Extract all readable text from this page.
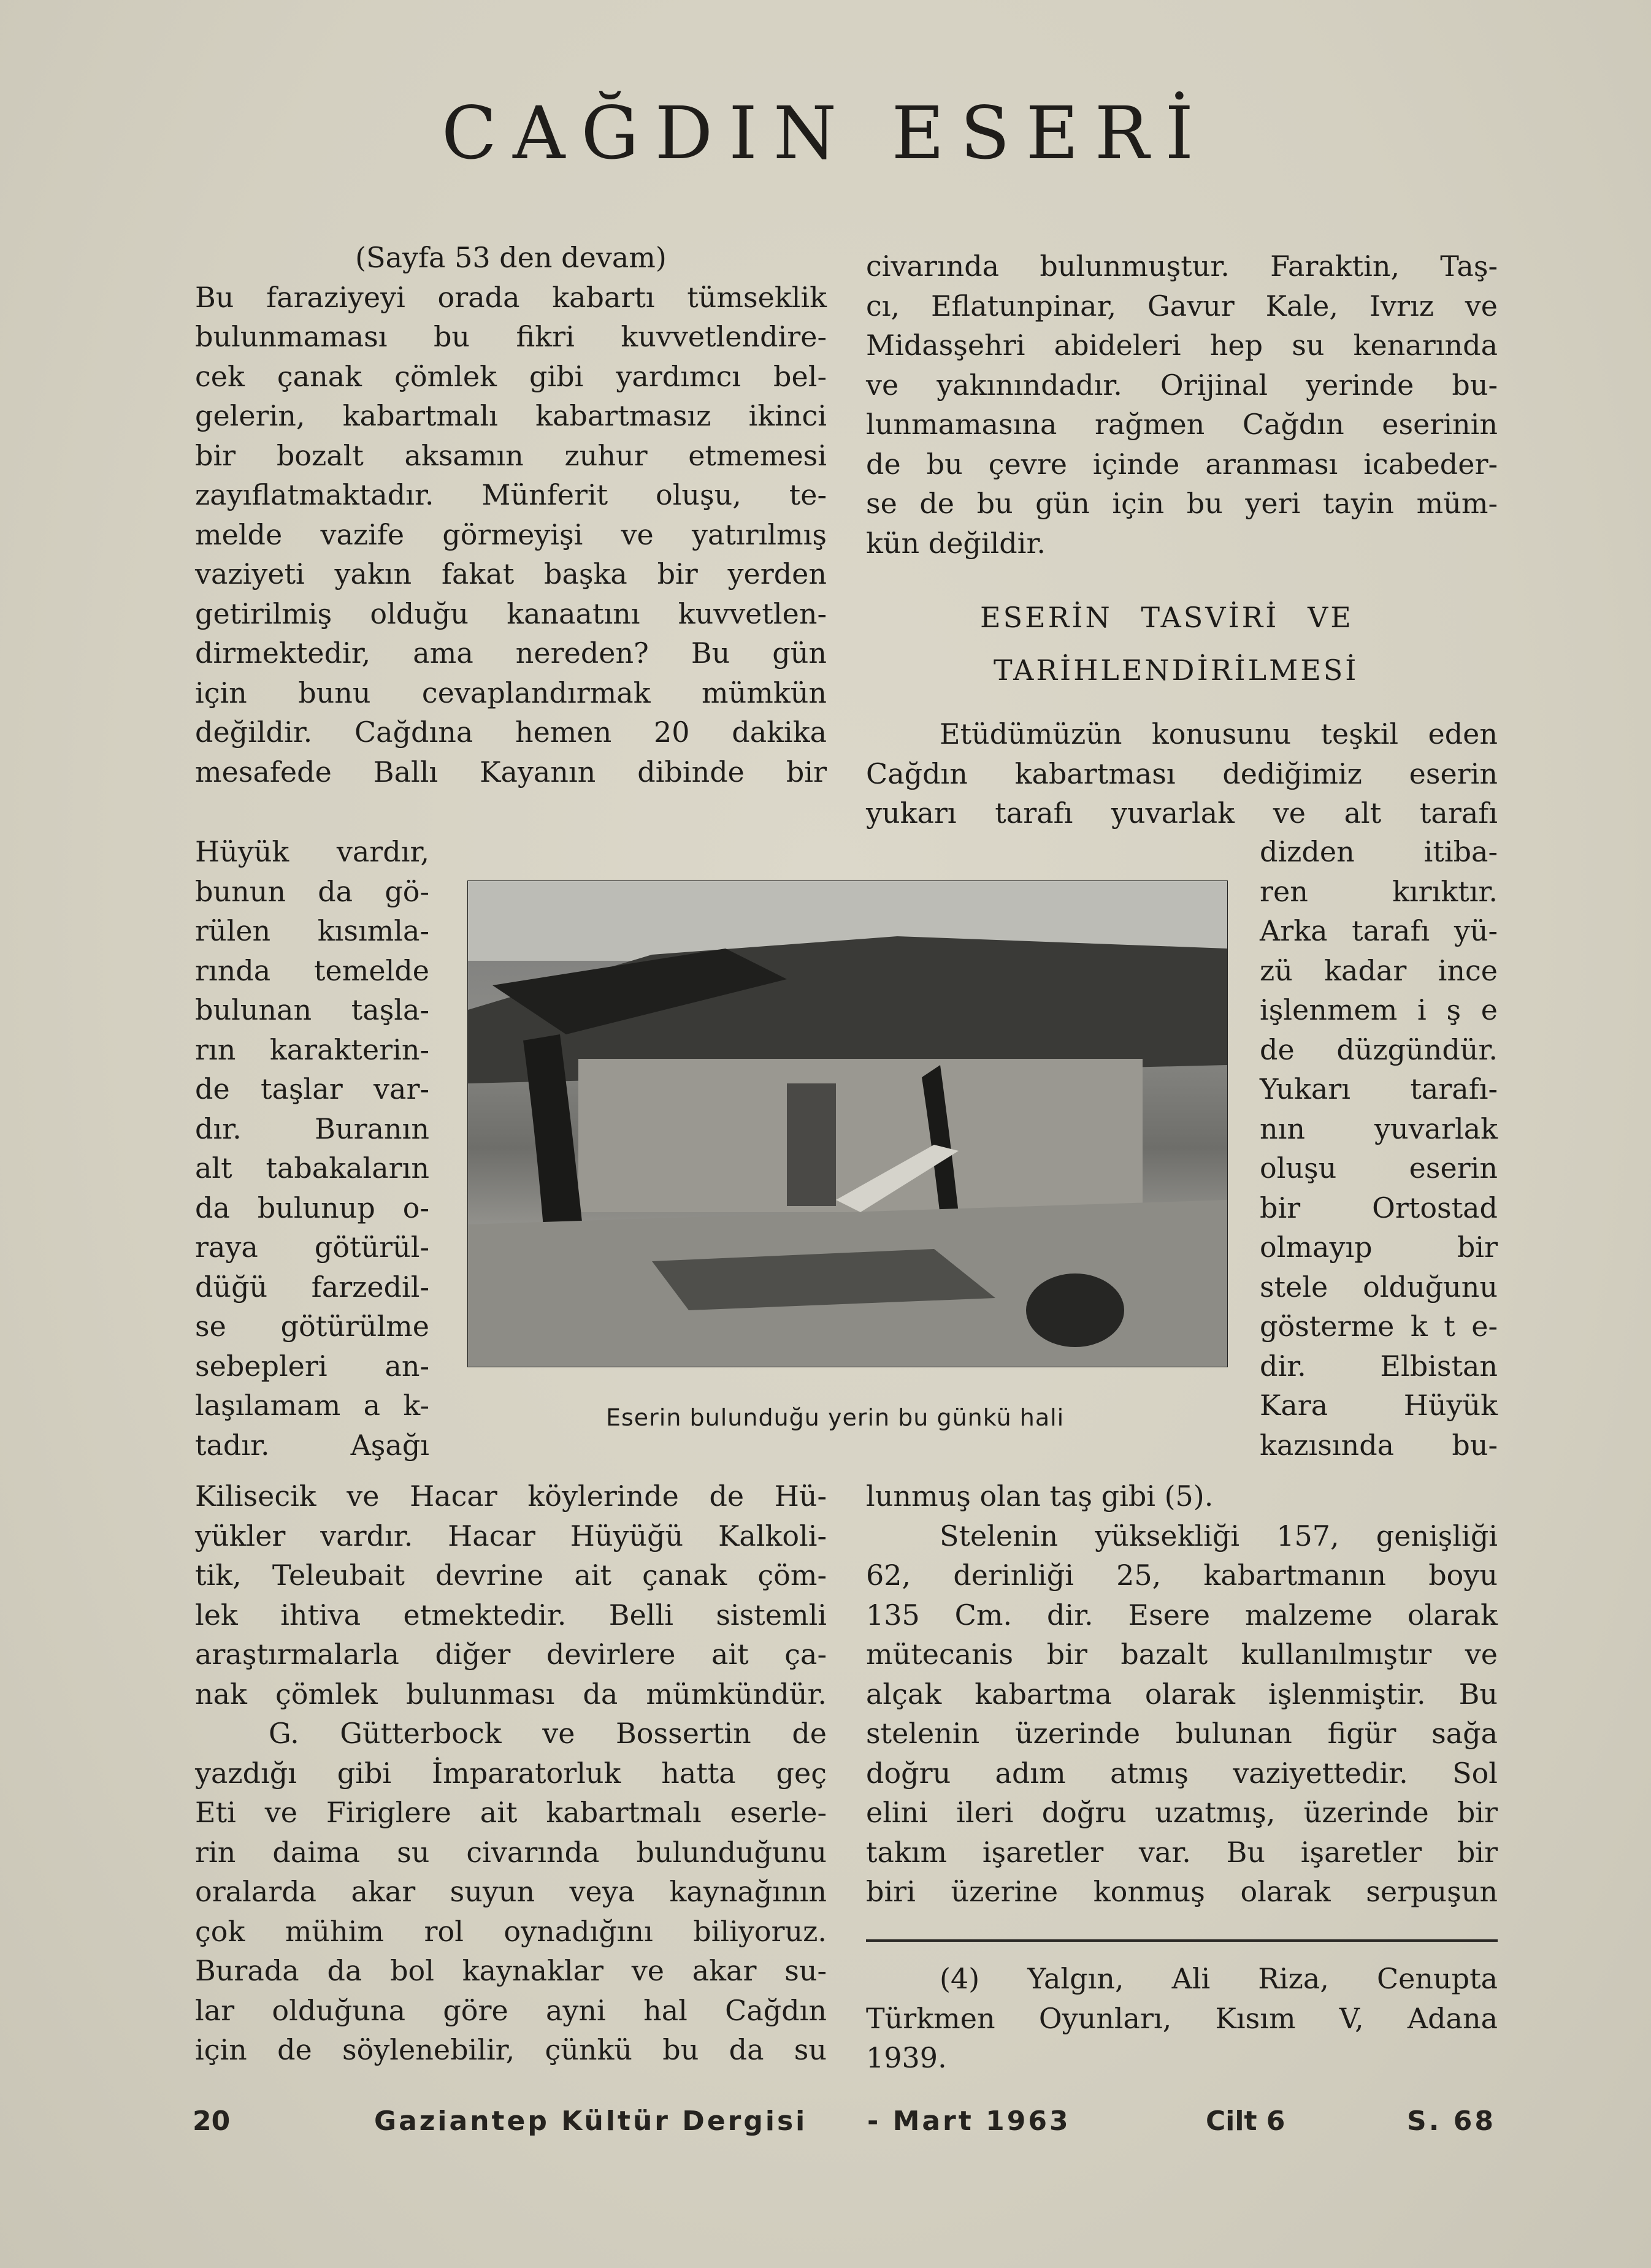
CAĞDIN ESERİ
(Sayfa 53 den devam)
Bu faraziyeyi orada kabartı tümseklik
bulunmaması bu fikri kuvvetlendire-
cek çanak çömlek gibi yardımcı bel-
gelerin, kabartmalı kabartmasız ikinci
bir bozalt aksamın zuhur etmemesi
zayıflatmaktadır. Münferit oluşu, te-
melde vazife görmeyişi ve yatırılmış
vaziyeti yakın fakat başka bir yerden
getirilmiş olduğu kanaatını kuvvetlen-
dirmektedir, ama nereden? Bu gün
için bunu cevaplandırmak mümkün
değildir. Cağdına hemen 20 dakika
mesafede Ballı Kayanın dibinde bir
Hüyük vardır,
bunun da gö-
rülen kısımla-
rında temelde
bulunan taşla-
rın karakterin-
de taşlar var-
dır. Buranın
alt tabakaların
da bulunup o-
raya götürül-
düğü farzedil-
se götürülme
sebepleri an-
laşılamam a k-
tadır. Aşağı
Kilisecik ve Hacar köylerinde de Hü-
yükler vardır. Hacar Hüyüğü Kalkoli-
tik, Teleubait devrine ait çanak çöm-
lek ihtiva etmektedir. Belli sistemli
araştırmalarla diğer devirlere ait ça-
nak çömlek bulunması da mümkündür.
G. Gütterbock ve Bossertin de
yazdığı gibi İmparatorluk hatta geç
Eti ve Firiglere ait kabartmalı eserle-
rin daima su civarında bulunduğunu
oralarda akar suyun veya kaynağının
çok mühim rol oynadığını biliyoruz.
Burada da bol kaynaklar ve akar su-
lar olduğuna göre ayni hal Cağdın
için de söylenebilir, çünkü bu da su
civarında bulunmuştur. Faraktin, Taş-
cı, Eflatunpinar, Gavur Kale, Ivrız ve
Midasşehri abideleri hep su kenarında
ve yakınındadır. Orijinal yerinde bu-
lunmamasına rağmen Cağdın eserinin
de bu çevre içinde aranması icabeder-
se de bu gün için bu yeri tayin müm-
kün değildir.
ESERİN TASVİRİ VE
TARİHLENDİRİLMESİ
Etüdümüzün konusunu teşkil eden
Cağdın kabartması dediğimiz eserin
yukarı tarafı yuvarlak ve alt tarafı
dizden itiba-
ren kırıktır.
Arka tarafı yü-
zü kadar ince
işlenmem i ş e
de düzgündür.
Yukarı tarafı-
nın yuvarlak
oluşu eserin
bir Ortostad
olmayıp bir
stele olduğunu
gösterme k t e-
dir. Elbistan
Kara Hüyük
kazısında bu-
lunmuş olan taş gibi (5).
Stelenin yüksekliği 157, genişliği
62, derinliği 25, kabartmanın boyu
135 Cm. dir. Esere malzeme olarak
mütecanis bir bazalt kullanılmıştır ve
alçak kabartma olarak işlenmiştir. Bu
stelenin üzerinde bulunan figür sağa
doğru adım atmış vaziyettedir. Sol
elini ileri doğru uzatmış, üzerinde bir
takım işaretler var. Bu işaretler bir
biri üzerine konmuş olarak serpuşun
Eserin bulunduğu yerin bu günkü hali
(4) Yalgın, Ali Riza, Cenupta
Türkmen Oyunları, Kısım V, Adana
1939.
20	Gaziantep Kültür Dergisi - Mart 1963	Cilt 6	S. 68
